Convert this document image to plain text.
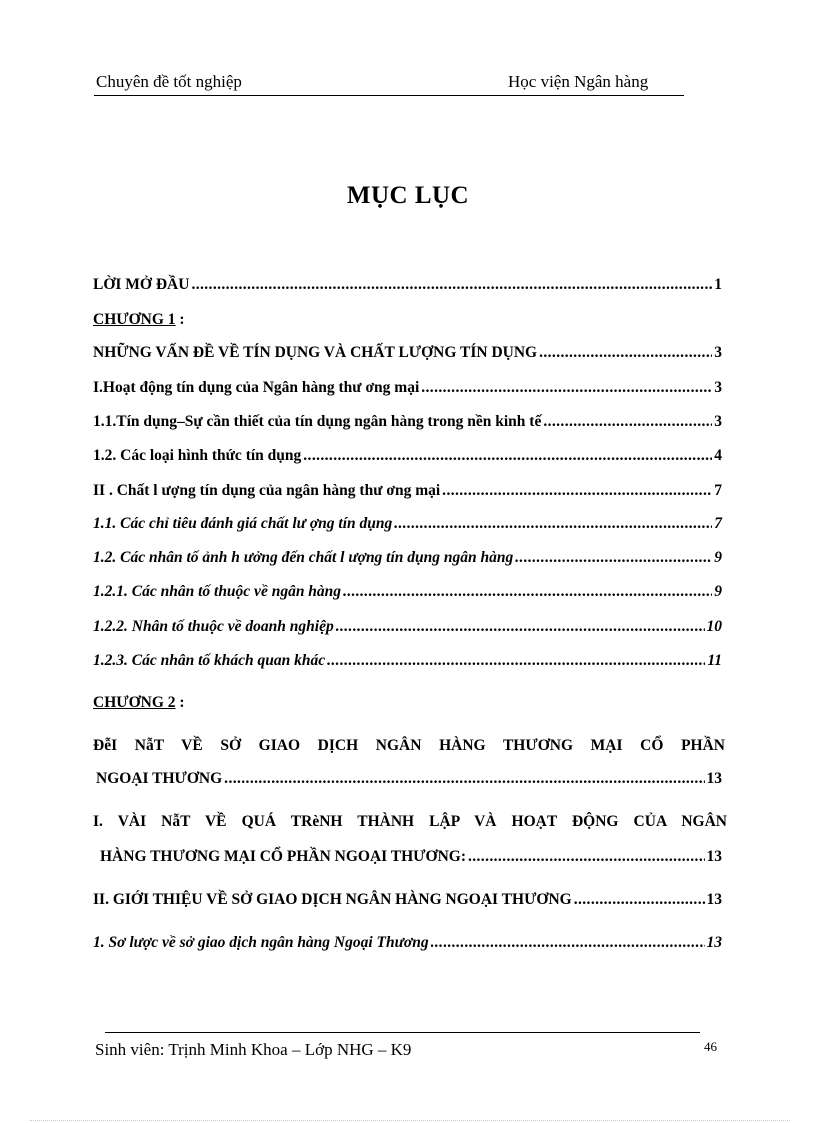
Chuyên đề tốt nghiệp	Học viện Ngân hàng
MỤC LỤC
LỜI MỞ ĐẦU .....	1
CHƯƠNG 1 :
NHỮNG VẤN ĐỀ VỀ TÍN DỤNG VÀ CHẤT LƯỢNG TÍN DỤNG .....	3
I.Hoạt động tín dụng của Ngân hàng thư ơng mại .....	3
1.1.Tín dụng–Sự cần thiết của tín dụng ngân hàng trong nền kinh tế .....	3
1.2. Các loại hình thức tín dụng .....	4
II . Chất l ượng tín dụng của ngân hàng thư ơng mại .....	7
1.1. Các chỉ tiêu đánh giá chất lư ợng tín dụng .....	7
1.2. Các nhân tố ảnh h ưởng đến chất l ượng tín dụng ngân hàng .....	9
1.2.1. Các nhân tố thuộc về ngân hàng .....	9
1.2.2. Nhân tố thuộc về doanh nghiệp .....	10
1.2.3. Các nhân tố khách quan khác .....	11
CHƯƠNG 2 :
ĐễI NẫT VỀ SỞ GIAO DỊCH NGÂN HÀNG THƯƠNG MẠI CỔ PHẦN
NGOẠI THƯƠNG .....	13
I. VÀI NẫT VỀ QUÁ TRèNH THÀNH LẬP VÀ HOẠT ĐỘNG CỦA NGÂN
HÀNG THƯƠNG MẠI CỔ PHẦN NGOẠI THƯƠNG: .....	13
II. GIỚI THIỆU VỀ SỞ GIAO DỊCH NGÂN HÀNG NGOẠI THƯƠNG .....	13
1. Sơ lược về sở giao dịch ngân hàng Ngoại Thương .....	13
Sinh viên: Trịnh Minh Khoa – Lớp NHG – K9	46
